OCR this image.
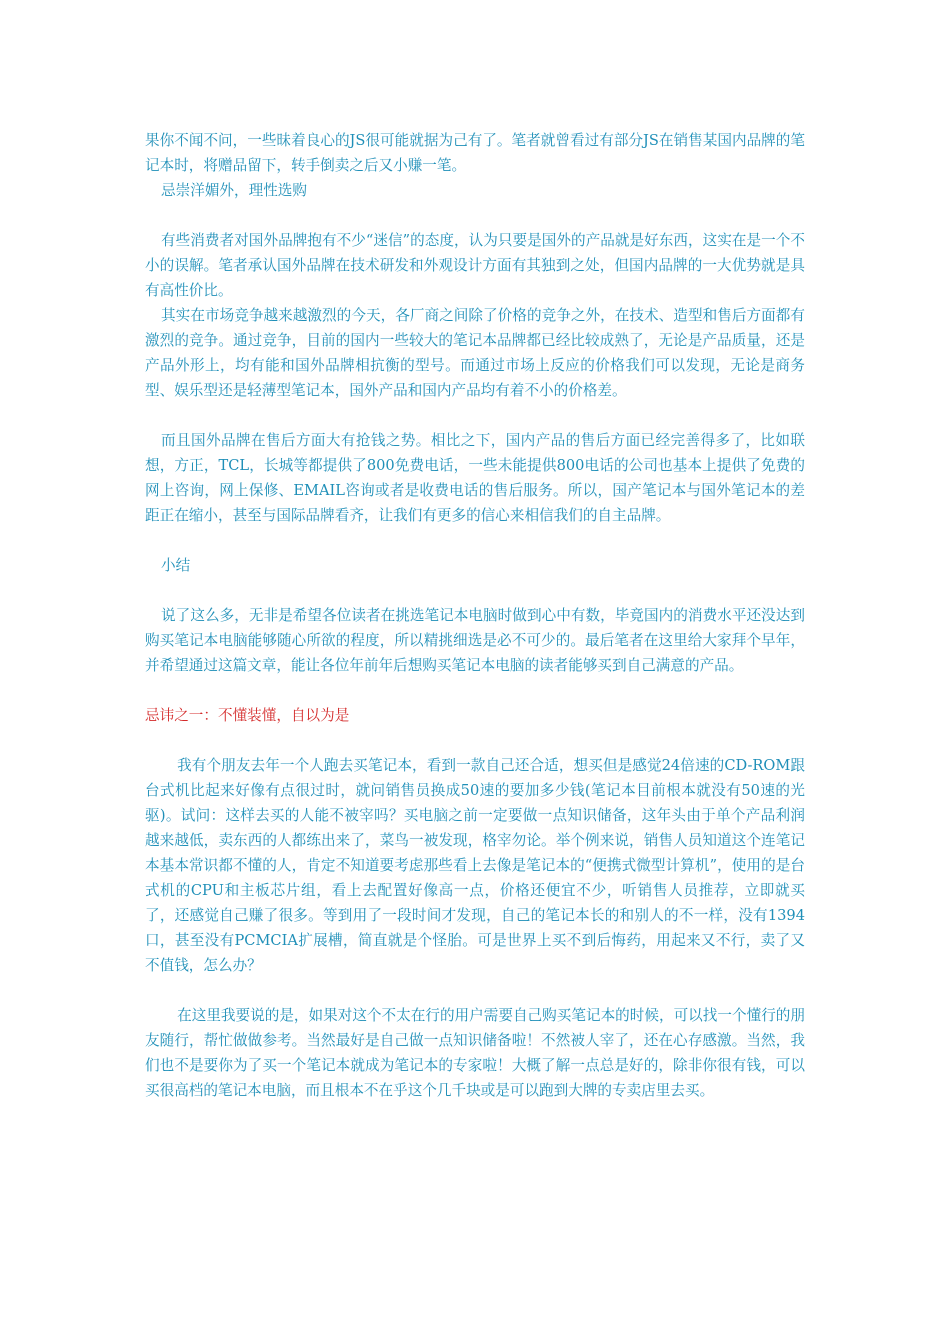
果你不闻不问，一些昧着良心的JS很可能就据为己有了。笔者就曾看过有部分JS在销售某国内品牌的笔记本时，将赠品留下，转手倒卖之后又小赚一笔。

忌崇洋媚外，理性选购

有些消费者对国外品牌抱有不少“迷信”的态度，认为只要是国外的产品就是好东西，这实在是一个不小的误解。笔者承认国外品牌在技术研发和外观设计方面有其独到之处，但国内品牌的一大优势就是具有高性价比。

其实在市场竞争越来越激烈的今天，各厂商之间除了价格的竞争之外，在技术、造型和售后方面都有激烈的竞争。通过竞争，目前的国内一些较大的笔记本品牌都已经比较成熟了，无论是产品质量，还是产品外形上，均有能和国外品牌相抗衡的型号。而通过市场上反应的价格我们可以发现，无论是商务型、娱乐型还是轻薄型笔记本，国外产品和国内产品均有着不小的价格差。

而且国外品牌在售后方面大有抢钱之势。相比之下，国内产品的售后方面已经完善得多了，比如联想，方正，TCL，长城等都提供了800免费电话，一些未能提供800电话的公司也基本上提供了免费的网上咨询，网上保修、EMAIL咨询或者是收费电话的售后服务。所以，国产笔记本与国外笔记本的差距正在缩小，甚至与国际品牌看齐，让我们有更多的信心来相信我们的自主品牌。

小结

说了这么多，无非是希望各位读者在挑选笔记本电脑时做到心中有数，毕竟国内的消费水平还没达到购买笔记本电脑能够随心所欲的程度，所以精挑细选是必不可少的。最后笔者在这里给大家拜个早年，并希望通过这篇文章，能让各位年前年后想购买笔记本电脑的读者能够买到自己满意的产品。

忌讳之一：不懂装懂，自以为是

我有个朋友去年一个人跑去买笔记本，看到一款自己还合适，想买但是感觉24倍速的CD-ROM跟台式机比起来好像有点很过时，就问销售员换成50速的要加多少钱(笔记本目前根本就没有50速的光驱)。试问：这样去买的人能不被宰吗？买电脑之前一定要做一点知识储备，这年头由于单个产品利润越来越低，卖东西的人都练出来了，菜鸟一被发现，格宰勿论。举个例来说，销售人员知道这个连笔记本基本常识都不懂的人，肯定不知道要考虑那些看上去像是笔记本的“便携式微型计算机”，使用的是台式机的CPU和主板芯片组，看上去配置好像高一点，价格还便宜不少，听销售人员推荐，立即就买了，还感觉自己赚了很多。等到用了一段时间才发现，自己的笔记本长的和别人的不一样，没有1394口，甚至没有PCMCIA扩展槽，简直就是个怪胎。可是世界上买不到后悔药，用起来又不行，卖了又不值钱，怎么办？

在这里我要说的是，如果对这个不太在行的用户需要自己购买笔记本的时候，可以找一个懂行的朋友随行，帮忙做做参考。当然最好是自己做一点知识储备啦！不然被人宰了，还在心存感激。当然，我们也不是要你为了买一个笔记本就成为笔记本的专家啦！大概了解一点总是好的，除非你很有钱，可以买很高档的笔记本电脑，而且根本不在乎这个几千块或是可以跑到大牌的专卖店里去买。
